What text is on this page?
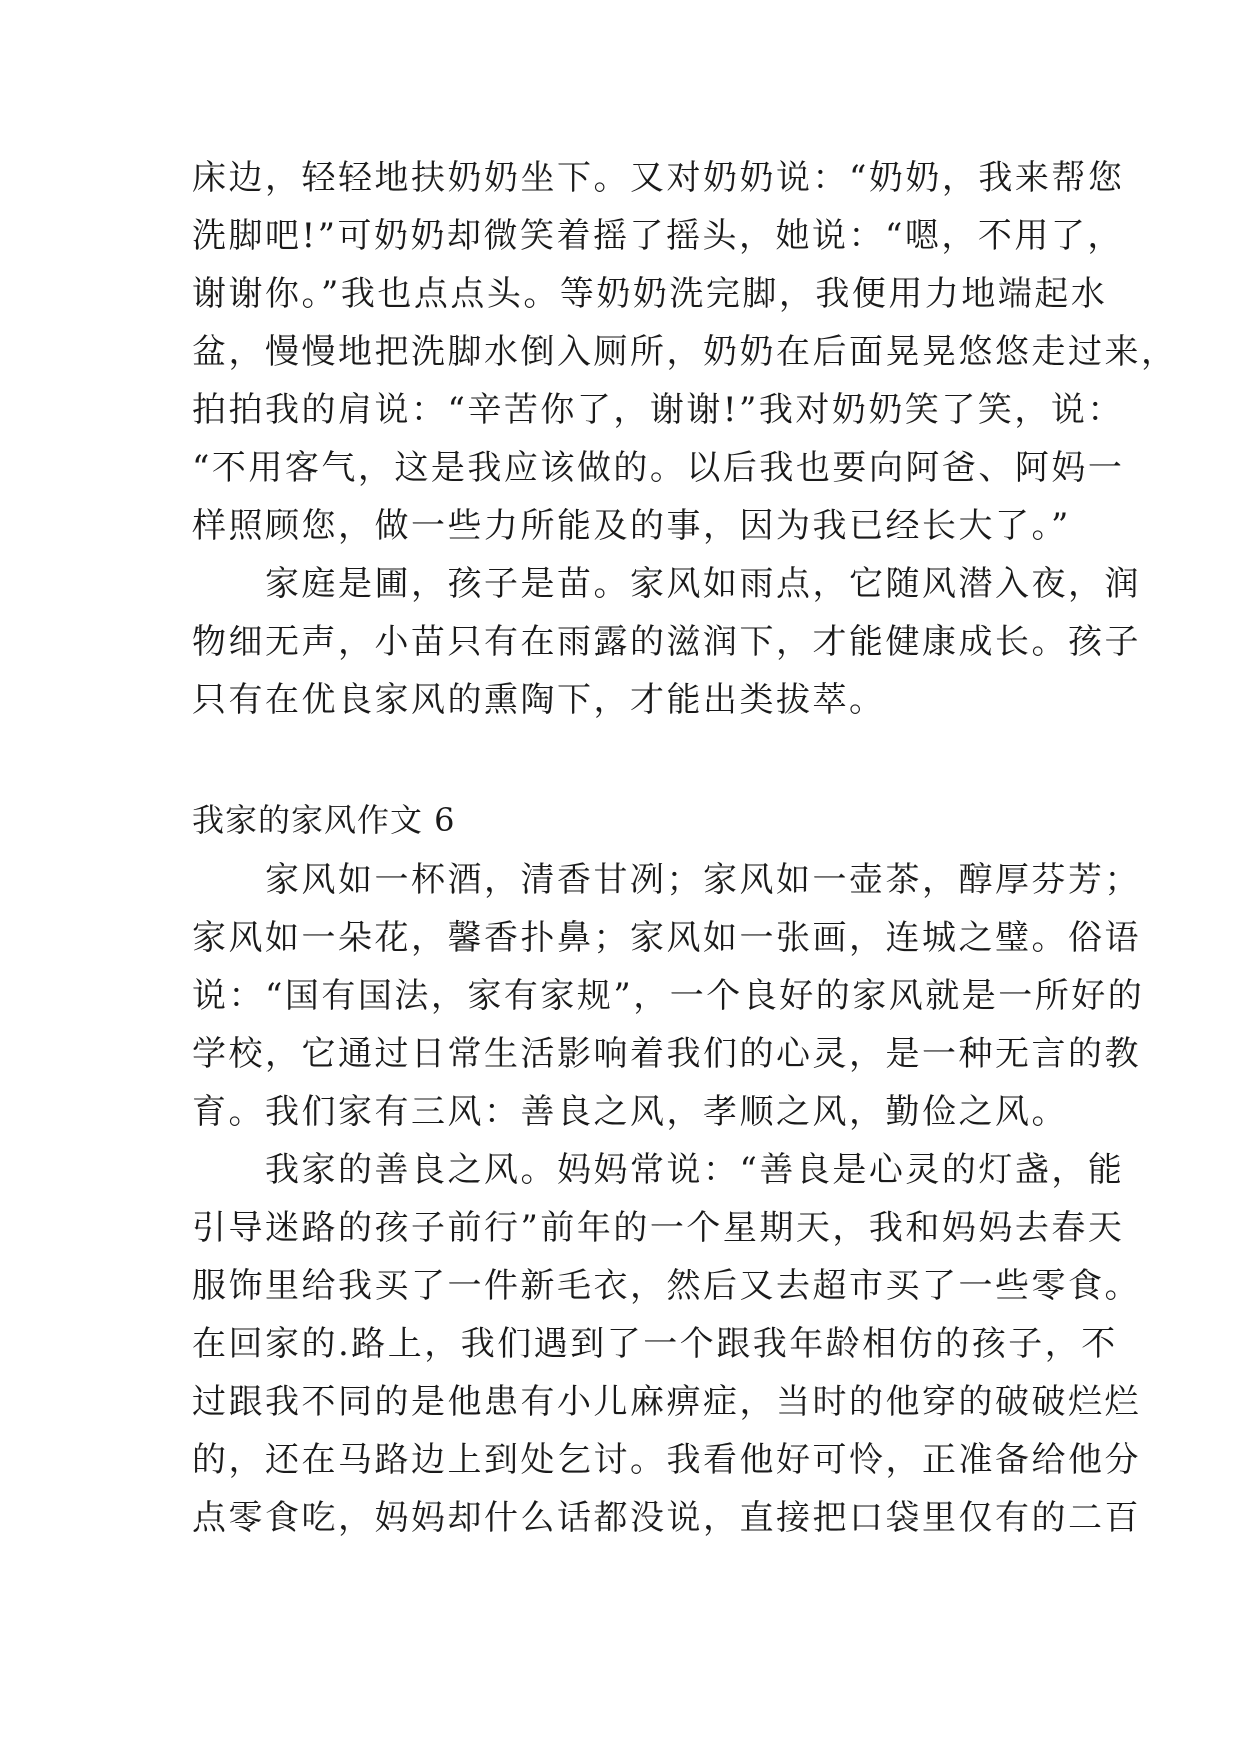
床边，轻轻地扶奶奶坐下。又对奶奶说：“奶奶，我来帮您
洗脚吧!”可奶奶却微笑着摇了摇头，她说：“嗯，不用了，
谢谢你。”我也点点头。等奶奶洗完脚，我便用力地端起水
盆，慢慢地把洗脚水倒入厕所，奶奶在后面晃晃悠悠走过来，
拍拍我的肩说：“辛苦你了，谢谢!”我对奶奶笑了笑，说：
“不用客气，这是我应该做的。以后我也要向阿爸、阿妈一
样照顾您，做一些力所能及的事，因为我已经长大了。”
　　家庭是圃，孩子是苗。家风如雨点，它随风潜入夜，润
物细无声，小苗只有在雨露的滋润下，才能健康成长。孩子
只有在优良家风的熏陶下，才能出类拔萃。
我家的家风作文 6
　　家风如一杯酒，清香甘冽；家风如一壶茶，醇厚芬芳；
家风如一朵花，馨香扑鼻；家风如一张画，连城之璧。俗语
说：“国有国法，家有家规”，一个良好的家风就是一所好的
学校，它通过日常生活影响着我们的心灵，是一种无言的教
育。我们家有三风：善良之风，孝顺之风，勤俭之风。
　　我家的善良之风。妈妈常说：“善良是心灵的灯盏，能
引导迷路的孩子前行”前年的一个星期天，我和妈妈去春天
服饰里给我买了一件新毛衣，然后又去超市买了一些零食。
在回家的.路上，我们遇到了一个跟我年龄相仿的孩子，不
过跟我不同的是他患有小儿麻痹症，当时的他穿的破破烂烂
的，还在马路边上到处乞讨。我看他好可怜，正准备给他分
点零食吃，妈妈却什么话都没说，直接把口袋里仅有的二百
